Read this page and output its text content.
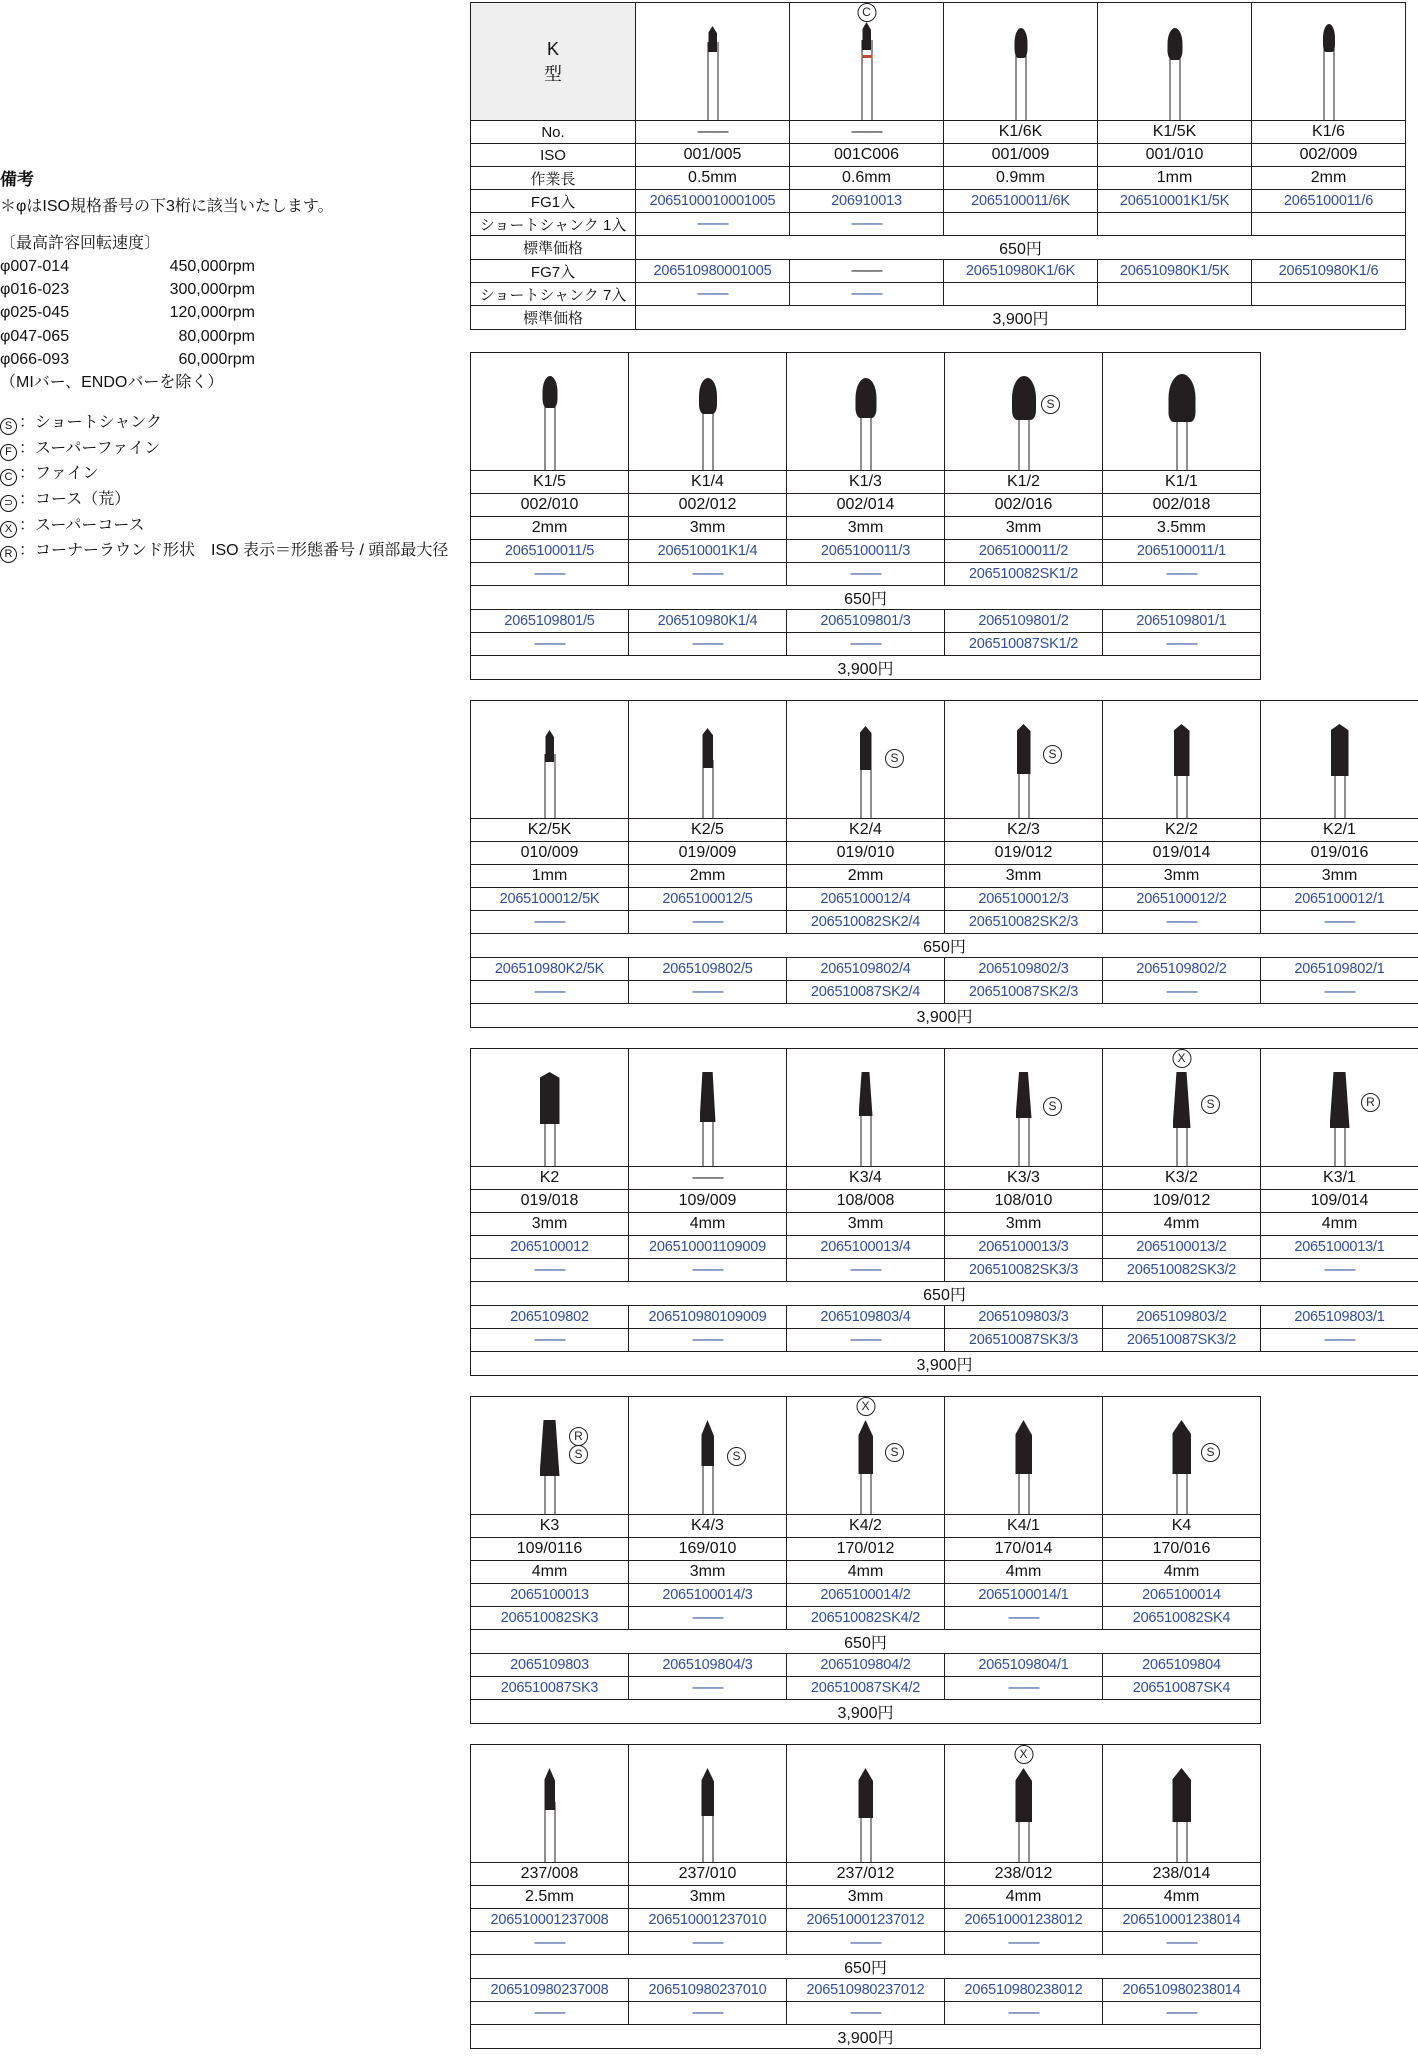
備考
＊φはISO規格番号の下3桁に該当いたします。
〔最高許容回転速度〕
φ007-014	450,000rpm
φ016-023	300,000rpm
φ025-045	120,000rpm
φ047-065	80,000rpm
φ066-093	60,000rpm
（MIバー、ENDOバーを除く）
S ：ショートシャンク
F ：スーパーファイン
C ：ファイン
⊃ ：コース（荒）
X ：スーパーコース
R ：コーナーラウンド形状　ISO 表示＝形態番号 / 頭部最大径
K
型		C			

No.	——	——	K1/6K	K1/5K	K1/6
ISO	001/005	001C006	001/009	001/010	002/009
作業長	0.5mm	0.6mm	0.9mm	1mm	2mm
FG1入	2065100010001005	206910013	2065100011/6K	206510001K1/5K	2065100011/6
ショートシャンク 1入	——	——			
標準価格	650円				
FG7入	206510980001005	——	206510980K1/6K	206510980K1/5K	206510980K1/6
ショートシャンク 7入	——	——			
標準価格	3,900円				

			S	

K1/5	K1/4	K1/3	K1/2	K1/1
002/010	002/012	002/014	002/016	002/018
2mm	3mm	3mm	3mm	3.5mm
2065100011/5	206510001K1/4	2065100011/3	2065100011/2	2065100011/1
——	——	——	206510082SK1/2	——
650円				
2065109801/5	206510980K1/4	2065109801/3	2065109801/2	2065109801/1
——	——	——	206510087SK1/2	——
3,900円				

		S	S		

K2/5K	K2/5	K2/4	K2/3	K2/2	K2/1
010/009	019/009	019/010	019/012	019/014	019/016
1mm	2mm	2mm	3mm	3mm	3mm
2065100012/5K	2065100012/5	2065100012/4	2065100012/3	2065100012/2	2065100012/1
——	——	206510082SK2/4	206510082SK2/3	——	——
650円					
206510980K2/5K	2065109802/5	2065109802/4	2065109802/3	2065109802/2	2065109802/1
——	——	206510087SK2/4	206510087SK2/3	——	——
3,900円					

			S	X
S	R

K2	——	K3/4	K3/3	K3/2	K3/1
019/018	109/009	108/008	108/010	109/012	109/014
3mm	4mm	3mm	3mm	4mm	4mm
2065100012	206510001109009	2065100013/4	2065100013/3	2065100013/2	2065100013/1
——	——	——	206510082SK3/3	206510082SK3/2	——
650円					
2065109802	206510980109009	2065109803/4	2065109803/3	2065109803/2	2065109803/1
——	——	——	206510087SK3/3	206510087SK3/2	——
3,900円					
R
S	S

X
S		S

K3	K4/3	K4/2	K4/1	K4
109/0116	169/010	170/012	170/014	170/016
4mm	3mm	4mm	4mm	4mm
2065100013	2065100014/3	2065100014/2	2065100014/1	2065100014
206510082SK3	——	206510082SK4/2	——	206510082SK4
650円				
2065109803	2065109804/3	2065109804/2	2065109804/1	2065109804
206510087SK3	——	206510087SK4/2	——	206510087SK4
3,900円				

			X	

237/008	237/010	237/012	238/012	238/014
2.5mm	3mm	3mm	4mm	4mm
206510001237008	206510001237010	206510001237012	206510001238012	206510001238014
——	——	——	——	——
650円				
206510980237008	206510980237010	206510980237012	206510980238012	206510980238014
——	——	——	——	——
3,900円				
